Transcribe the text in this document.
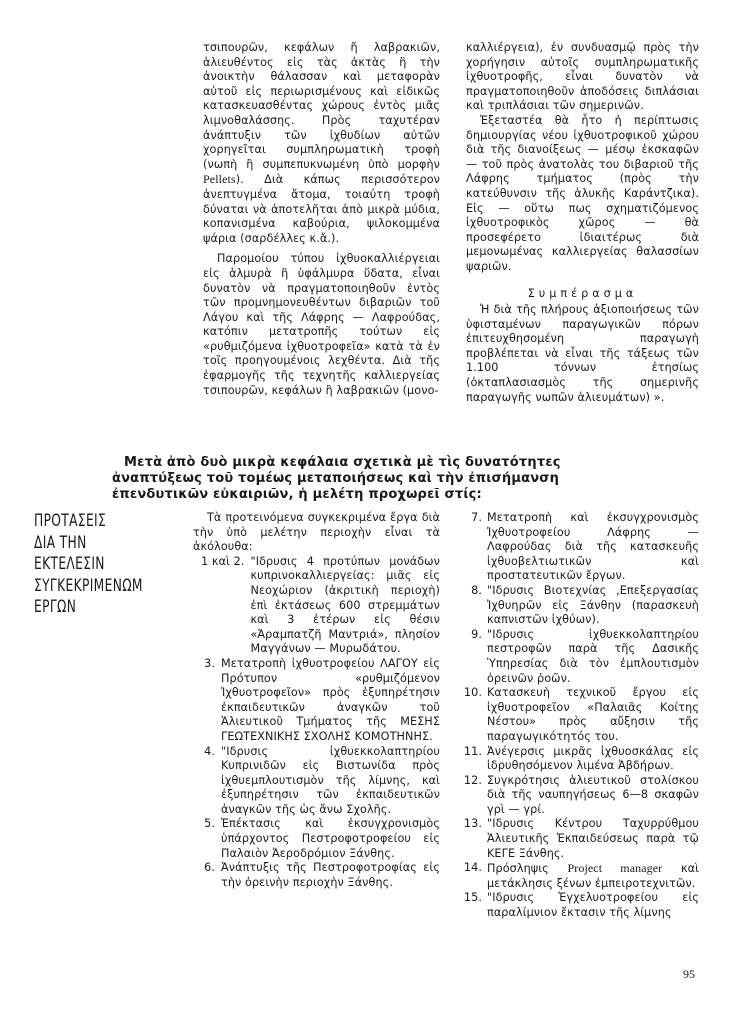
τσιπουρῶν, κεφάλων ἤ λαβρακιῶν, ἁλιευθέντος εἰς τὰς ἀκτὰς ἢ τὴν ἀνοικτὴν θάλασσαν καὶ μεταφορὰν αὐτοῦ εἰς περιωρισμένους καὶ εἰδικῶς κατασκευασθέντας χώρους ἐντὸς μιᾶς λιμνοθαλάσσης. Πρὸς ταχυτέραν ἀνάπτυξιν τῶν ἰχθυδίων αὐτῶν χορηγεῖται συμπληρωματικὴ τροφὴ (νωπὴ ἢ συμπεπυκνωμένη ὑπὸ μορφὴν Pellets). Διὰ κάπως περισσότερον ἀνεπτυγμένα ἄτομα, τοιαύτη τροφὴ δύναται νὰ ἀποτελῆται ἀπὸ μικρὰ μύδια, κοπανισμένα καβούρια, ψιλοκομμένα ψάρια (σαρδέλλες κ.ἄ.).

Παρομοίου τύπου ἰχθυοκαλλιέργειαι εἰς ἁλμυρὰ ἢ ὑφάλμυρα ὕδατα, εἶναι δυνατὸν νὰ πραγματοποιηθοῦν ἐντὸς τῶν προμνημονευθέντων διβαριῶν τοῦ Λάγου καὶ τῆς Λάφρης — Λαφρούδας, κατόπιν μετατροπῆς τούτων εἰς «ρυθμιζόμενα ἰχθυοτροφεῖα» κατὰ τὰ ἐν τοῖς προηγουμένοις λεχθέντα. Διὰ τῆς ἐφαρμογῆς τῆς τεχνητῆς καλλιεργείας τσιπουρῶν, κεφάλων ἢ λαβρακιῶν (μονο-

καλλιέργεια), ἐν συνδυασμῷ πρὸς τὴν χορήγησιν αὐτοῖς συμπληρωματικῆς ἰχθυοτροφῆς, εἶναι δυνατὸν νὰ πραγματοποιηθοῦν ἀποδόσεις διπλάσιαι καὶ τριπλάσιαι τῶν σημερινῶν.

Ἐξεταστέα θὰ ἦτο ἡ περίπτωσις δημιουργίας νέου ἰχθυοτροφικοῦ χώρου διὰ τῆς διανοίξεως — μέσῳ ἐκσκαφῶν — τοῦ πρὸς ἀνατολὰς του διβαριοῦ τῆς Λάφρης τμήματος (πρὸς τὴν κατεύθυνσιν τῆς ἁλυκῆς Καράντζικα). Εἰς — οὕτω πως σχηματιζόμενος ἰχθυοτροφικὸς χῶρος — θὰ προσεφέρετο ἰδιαιτέρως διὰ μεμονωμένας καλλιεργείας θαλασσίων ψαριῶν.

Συμπέρασμα

Ἡ διὰ τῆς πλήρους ἀξιοποιήσεως τῶν ὑφισταμένων παραγωγικῶν πόρων ἐπιτευχθησομένη παραγωγὴ προβλέπεται νὰ εἶναι τῆς τάξεως τῶν 1.100 τόννων ἐτησίως (ὀκταπλασιασμὸς τῆς σημερινῆς παραγωγῆς νωπῶν ἁλιευμάτων) ».

Μετὰ ἀπὸ δυὸ μικρὰ κεφάλαια σχετικὰ μὲ τὶς δυνατότητες ἀναπτύξεως τοῦ τομέως μεταποιήσεως καὶ τὴν ἐπισήμανση ἐπενδυτικῶν εὐκαιριῶν, ἡ μελέτη προχωρεῖ στίς:

ΠΡΟΤΑΣΕΙΣ
ΔΙΑ ΤΗΝ
ΕΚΤΕΛΕΣΙΝ
ΣΥΓΚΕΚΡΙΜΕΝΩΜ
ΕΡΓΩΝ

Τὰ προτεινόμενα συγκεκριμένα ἔργα διὰ τὴν ὑπὸ μελέτην περιοχὴν εἶναι τὰ ἀκόλουθα:

1 καὶ 2. "Ιδρυσις 4 προτύπων μονάδων κυπρινοκαλλιεργείας: μιᾶς εἰς Νεοχώριον (ἀκριτικὴ περιοχὴ) ἐπὶ ἐκτάσεως 600 στρεμμάτων καὶ 3 ἑτέρων εἰς θέσιν «Ἀραμπατζῆ Μαντριά», πλησίον Μαγγάνων — Μυρωδάτου.
3. Μετατροπὴ ἰχθυοτροφείου ΛΑΓΟΥ εἰς Πρότυπον «ρυθμιζόμενον Ἰχθυοτροφεῖον» πρὸς ἐξυπηρέτησιν ἐκπαιδευτικῶν ἀναγκῶν τοῦ Ἁλιευτικοῦ Τμήματος τῆς ΜΕΣΗΣ ΓΕΩΤΕΧΝΙΚΗΣ ΣΧΟΛΗΣ ΚΟΜΟΤΗΝΗΣ.
4. "Ιδρυσις ἰχθυεκκολαπτηρίου Κυπρινιδῶν εἰς Βιστωνίδα πρὸς ἰχθυεμπλουτισμὸν τῆς λίμνης, καὶ ἐξυπηρέτησιν τῶν ἐκπαιδευτικῶν ἀναγκῶν τῆς ὡς ἄνω Σχολῆς.
5. Ἐπέκτασις καὶ ἐκσυγχρονισμὸς ὑπάρχοντος Πεστροφοτροφείου εἰς Παλαιὸν Ἀεροδρόμιον Ξάνθης.
6. Ἀνάπτυξις τῆς Πεστροφοτροφίας εἰς τὴν ὀρεινὴν περιοχὴν Ξάνθης.
7. Μετατροπὴ καὶ ἐκσυγχρονισμὸς Ἰχθυοτροφείου Λάφρης — Λαφρούδας διὰ τῆς κατασκευῆς ἰχθυοβελτιωτικῶν καὶ προστατευτικῶν ἔργων.
8. "Ιδρυσις Βιοτεχνίας ,Επεξεργασίας Ἰχθυηρῶν εἰς Ξάνθην (παρασκευὴ καπνιστῶν ἰχθύων).
9. "Ιδρυσις ἰχθυεκκολαπτηρίου πεστροφῶν παρὰ τῆς Δασικῆς Ὑπηρεσίας διὰ τὸν ἐμπλουτισμὸν ὀρεινῶν ῥοῶν.
10. Κατασκευὴ τεχνικοῦ ἔργου εἰς ἰχθυοτροφεῖον «Παλαιᾶς Κοίτης Νέστου» πρὸς αὔξησιν τῆς παραγωγικότητός του.
11. Ἀνέγερσις μικρᾶς ἰχθυοσκάλας εἰς ἱδρυθησόμενον λιμένα Ἀβδήρων.
12. Συγκρότησις ἁλιευτικοῦ στολίσκου διὰ τῆς ναυπηγήσεως 6—8 σκαφῶν γρὶ — γρί.
13. "Ιδρυσις Κέντρου Ταχυρρύθμου Ἁλιευτικῆς Ἐκπαιδεύσεως παρὰ τῷ ΚΕΓΕ Ξάνθης.
14. Πρόσληψις Project manager καὶ μετάκλησις ξένων ἐμπειροτεχνιτῶν.
15. "Ιδρυσις Ἐγχελυοτροφείου εἰς παραλίμνιον ἔκτασιν τῆς λίμνης
95
